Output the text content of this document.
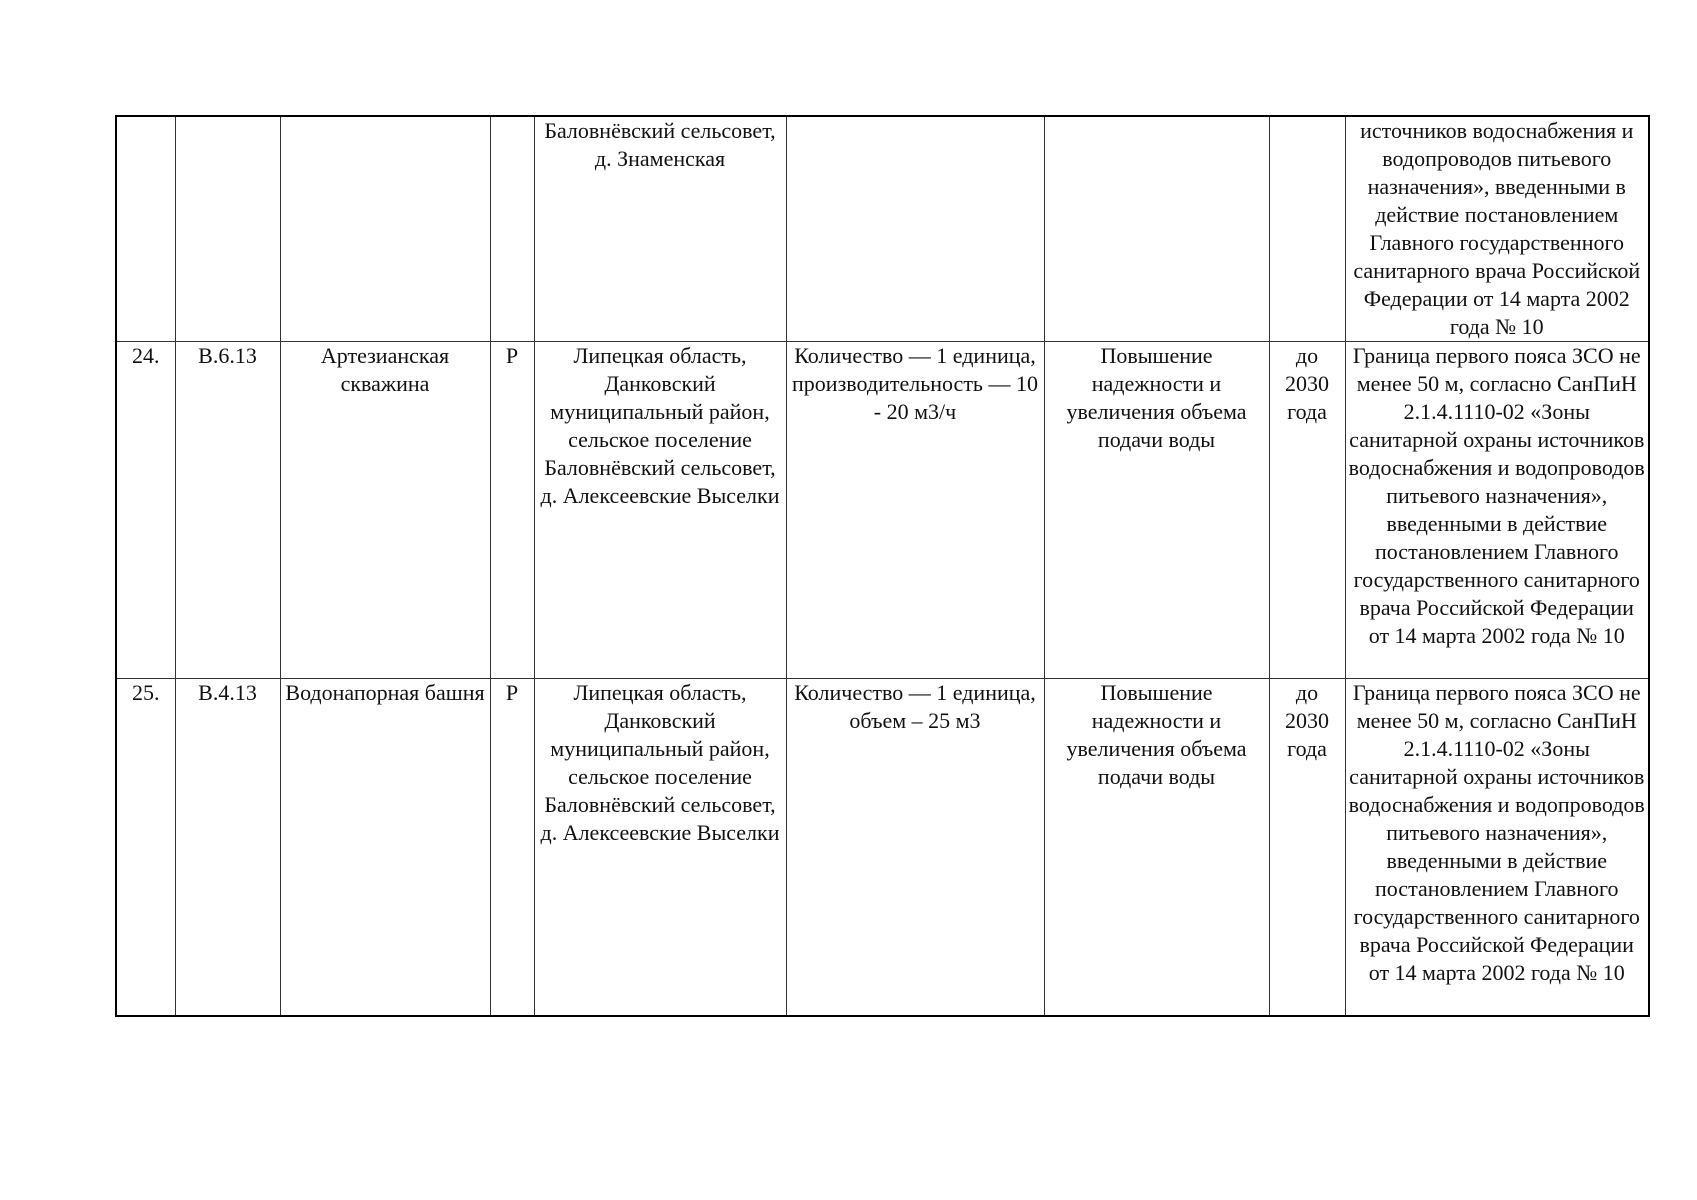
				Баловнёвский сельсовет, д. Знаменская				источников водоснабжения и водопроводов питьевого назначения», введенными в действие постановлением Главного государственного санитарного врача Российской Федерации от 14 марта 2002 года № 10
24.	В.6.13	Артезианская скважина	Р	Липецкая область, Данковский муниципальный район, сельское поселение Баловнёвский сельсовет, д. Алексеевские Выселки	Количество — 1 единица, производительность — 10 - 20 м3/ч	Повышение надежности и увеличения объема подачи воды	до 2030 года	Граница первого пояса ЗСО не менее 50 м, согласно СанПиН 2.1.4.1110-02 «Зоны санитарной охраны источников водоснабжения и водопроводов питьевого назначения», введенными в действие постановлением Главного государственного санитарного врача Российской Федерации от 14 марта 2002 года № 10
25.	В.4.13	Водонапорная башня	Р	Липецкая область, Данковский муниципальный район, сельское поселение Баловнёвский сельсовет, д. Алексеевские Выселки	Количество — 1 единица, объем – 25 м3	Повышение надежности и увеличения объема подачи воды	до 2030 года	Граница первого пояса ЗСО не менее 50 м, согласно СанПиН 2.1.4.1110-02 «Зоны санитарной охраны источников водоснабжения и водопроводов питьевого назначения», введенными в действие постановлением Главного государственного санитарного врача Российской Федерации от 14 марта 2002 года № 10
